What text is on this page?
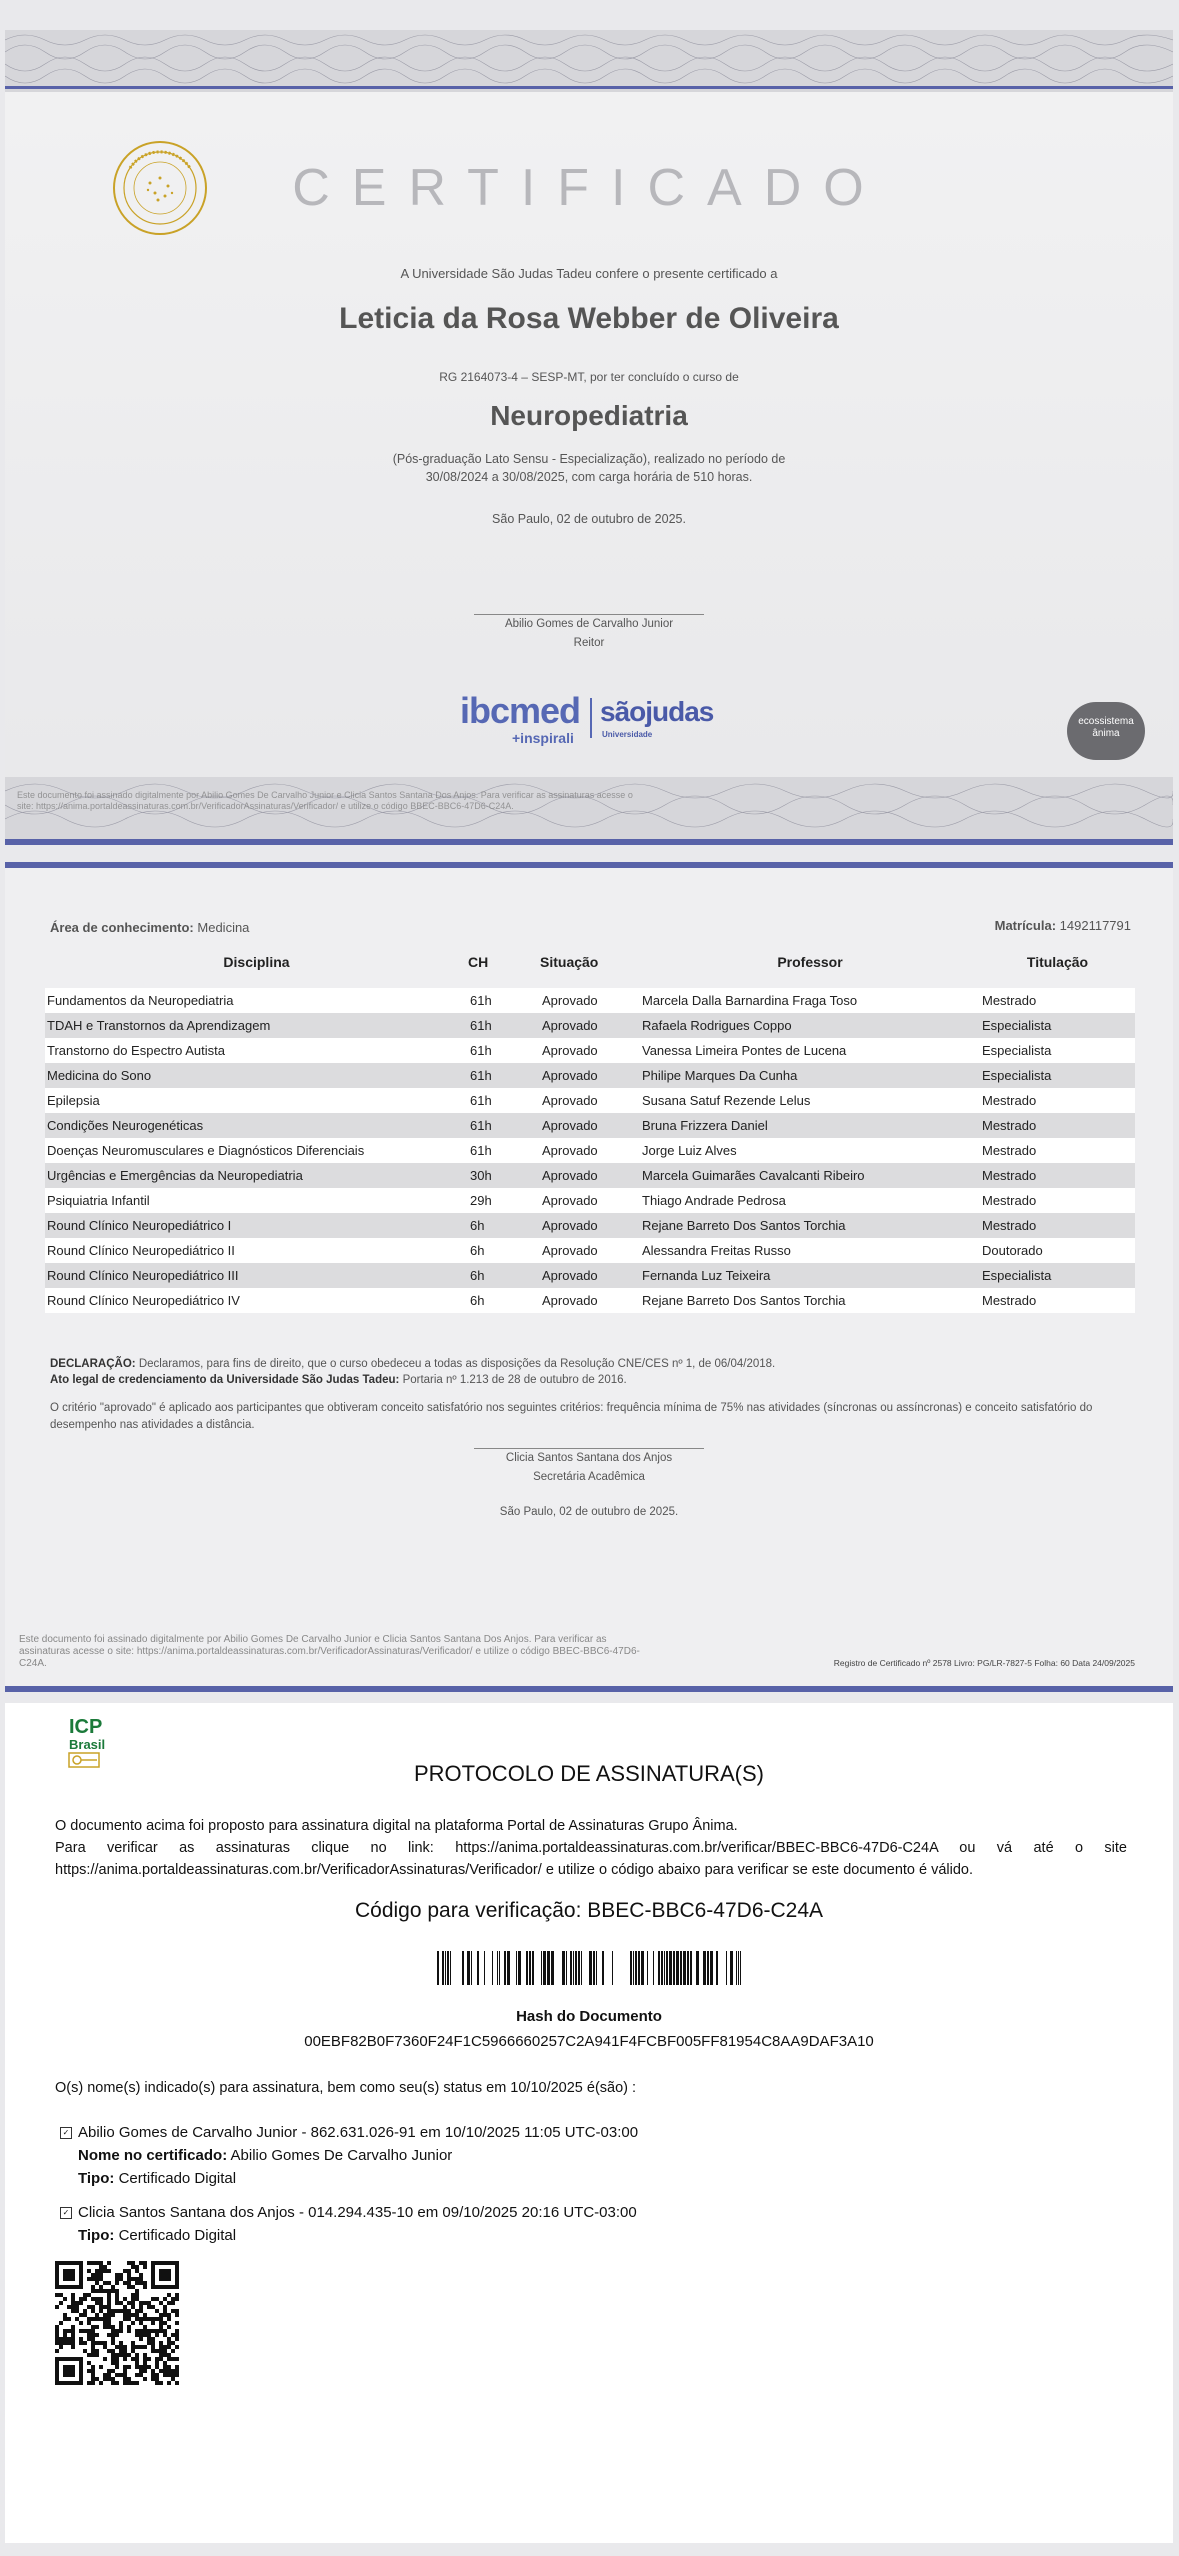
CERTIFICADO
A Universidade São Judas Tadeu confere o presente certificado a
Leticia da Rosa Webber de Oliveira
RG 2164073-4 – SESP-MT, por ter concluído o curso de
Neuropediatria
(Pós-graduação Lato Sensu - Especialização), realizado no período de
30/08/2024 a 30/08/2025, com carga horária de 510 horas.
São Paulo, 02 de outubro de 2025.
Abilio Gomes de Carvalho Junior
Reitor
ibcmed
+inspirali
sãojudas
Universidade
ecossistema ânima
Este documento foi assinado digitalmente por Abilio Gomes De Carvalho Junior e Clicia Santos Santana Dos Anjos. Para verificar as assinaturas acesse o site: https://anima.portaldeassinaturas.com.br/VerificadorAssinaturas/Verificador/ e utilize o código BBEC-BBC6-47D6-C24A.
Área de conhecimento: Medicina	Matrícula: 1492117791
Disciplina	CH	Situação	Professor	Titulação
Fundamentos da Neuropediatria	61h	Aprovado	Marcela Dalla Barnardina Fraga Toso	Mestrado
TDAH e Transtornos da Aprendizagem	61h	Aprovado	Rafaela Rodrigues Coppo	Especialista
Transtorno do Espectro Autista	61h	Aprovado	Vanessa Limeira Pontes de Lucena	Especialista
Medicina do Sono	61h	Aprovado	Philipe Marques Da Cunha	Especialista
Epilepsia	61h	Aprovado	Susana Satuf Rezende Lelus	Mestrado
Condições Neurogenéticas	61h	Aprovado	Bruna Frizzera Daniel	Mestrado
Doenças Neuromusculares e Diagnósticos Diferenciais	61h	Aprovado	Jorge Luiz Alves	Mestrado
Urgências e Emergências da Neuropediatria	30h	Aprovado	Marcela Guimarães Cavalcanti Ribeiro	Mestrado
Psiquiatria Infantil	29h	Aprovado	Thiago Andrade Pedrosa	Mestrado
Round Clínico Neuropediátrico I	6h	Aprovado	Rejane Barreto Dos Santos Torchia	Mestrado
Round Clínico Neuropediátrico II	6h	Aprovado	Alessandra Freitas Russo	Doutorado
Round Clínico Neuropediátrico III	6h	Aprovado	Fernanda Luz Teixeira	Especialista
Round Clínico Neuropediátrico IV	6h	Aprovado	Rejane Barreto Dos Santos Torchia	Mestrado
DECLARAÇÃO: Declaramos, para fins de direito, que o curso obedeceu a todas as disposições da Resolução CNE/CES nº 1, de 06/04/2018.
Ato legal de credenciamento da Universidade São Judas Tadeu: Portaria nº 1.213 de 28 de outubro de 2016.
O critério "aprovado" é aplicado aos participantes que obtiveram conceito satisfatório nos seguintes critérios: frequência mínima de 75% nas atividades (síncronas ou assíncronas) e conceito satisfatório do desempenho nas atividades a distância.
Clicia Santos Santana dos Anjos
Secretária Acadêmica
São Paulo, 02 de outubro de 2025.
Este documento foi assinado digitalmente por Abilio Gomes De Carvalho Junior e Clicia Santos Santana Dos Anjos. Para verificar as assinaturas acesse o site: https://anima.portaldeassinaturas.com.br/VerificadorAssinaturas/Verificador/ e utilize o código BBEC-BBC6-47D6-C24A.	Registro de Certificado nº 2578 Livro: PG/LR-7827-5 Folha: 60 Data 24/09/2025
ICP
Brasil
PROTOCOLO DE ASSINATURA(S)
O documento acima foi proposto para assinatura digital na plataforma Portal de Assinaturas Grupo Ânima.
Para verificar as assinaturas clique no link: https://anima.portaldeassinaturas.com.br/verificar/BBEC-BBC6-47D6-C24A ou vá até o site https://anima.portaldeassinaturas.com.br/VerificadorAssinaturas/Verificador/ e utilize o código abaixo para verificar se este documento é válido.
Código para verificação: BBEC-BBC6-47D6-C24A
Hash do Documento
00EBF82B0F7360F24F1C5966660257C2A941F4FCBF005FF81954C8AA9DAF3A10
O(s) nome(s) indicado(s) para assinatura, bem como seu(s) status em 10/10/2025 é(são) :
✓ Abilio Gomes de Carvalho Junior - 862.631.026-91 em 10/10/2025 11:05 UTC-03:00
Nome no certificado: Abilio Gomes De Carvalho Junior
Tipo: Certificado Digital
✓ Clicia Santos Santana dos Anjos - 014.294.435-10 em 09/10/2025 20:16 UTC-03:00
Tipo: Certificado Digital
